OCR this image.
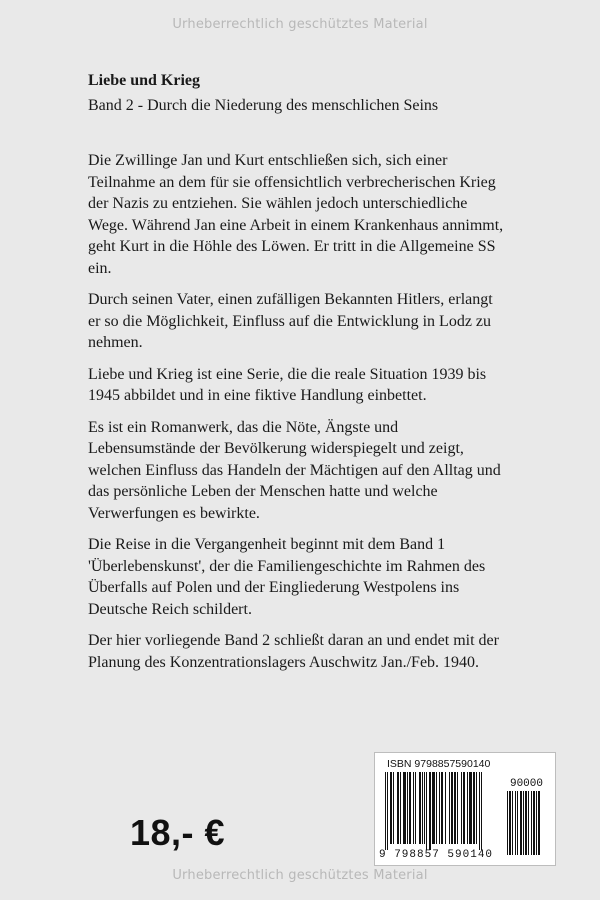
Urheberrechtlich geschütztes Material
Liebe und Krieg
Band 2 - Durch die Niederung des menschlichen Seins

Die Zwillinge Jan und Kurt entschließen sich, sich einer Teilnahme an dem für sie offensichtlich verbrecherischen Krieg der Nazis zu entziehen. Sie wählen jedoch unterschiedliche Wege. Während Jan eine Arbeit in einem Krankenhaus annimmt, geht Kurt in die Höhle des Löwen. Er tritt in die Allgemeine SS ein.

Durch seinen Vater, einen zufälligen Bekannten Hitlers, erlangt er so die Möglichkeit, Einfluss auf die Entwicklung in Lodz zu nehmen.

Liebe und Krieg ist eine Serie, die die reale Situation 1939 bis 1945 abbildet und in eine fiktive Handlung einbettet.

Es ist ein Romanwerk, das die Nöte, Ängste und Lebensumstände der Bevölkerung widerspiegelt und zeigt, welchen Einfluss das Handeln der Mächtigen auf den Alltag und das persönliche Leben der Menschen hatte und welche Verwerfungen es bewirkte.

Die Reise in die Vergangenheit beginnt mit dem Band 1 'Überlebenskunst', der die Familiengeschichte im Rahmen des Überfalls auf Polen und der Eingliederung Westpolens ins Deutsche Reich schildert.

Der hier vorliegende Band 2 schließt daran an und endet mit der Planung des Konzentrationslagers Auschwitz Jan./Feb. 1940.

18,- €
ISBN 9798857590140
90000
9 798857 590140
Urheberrechtlich geschütztes Material
